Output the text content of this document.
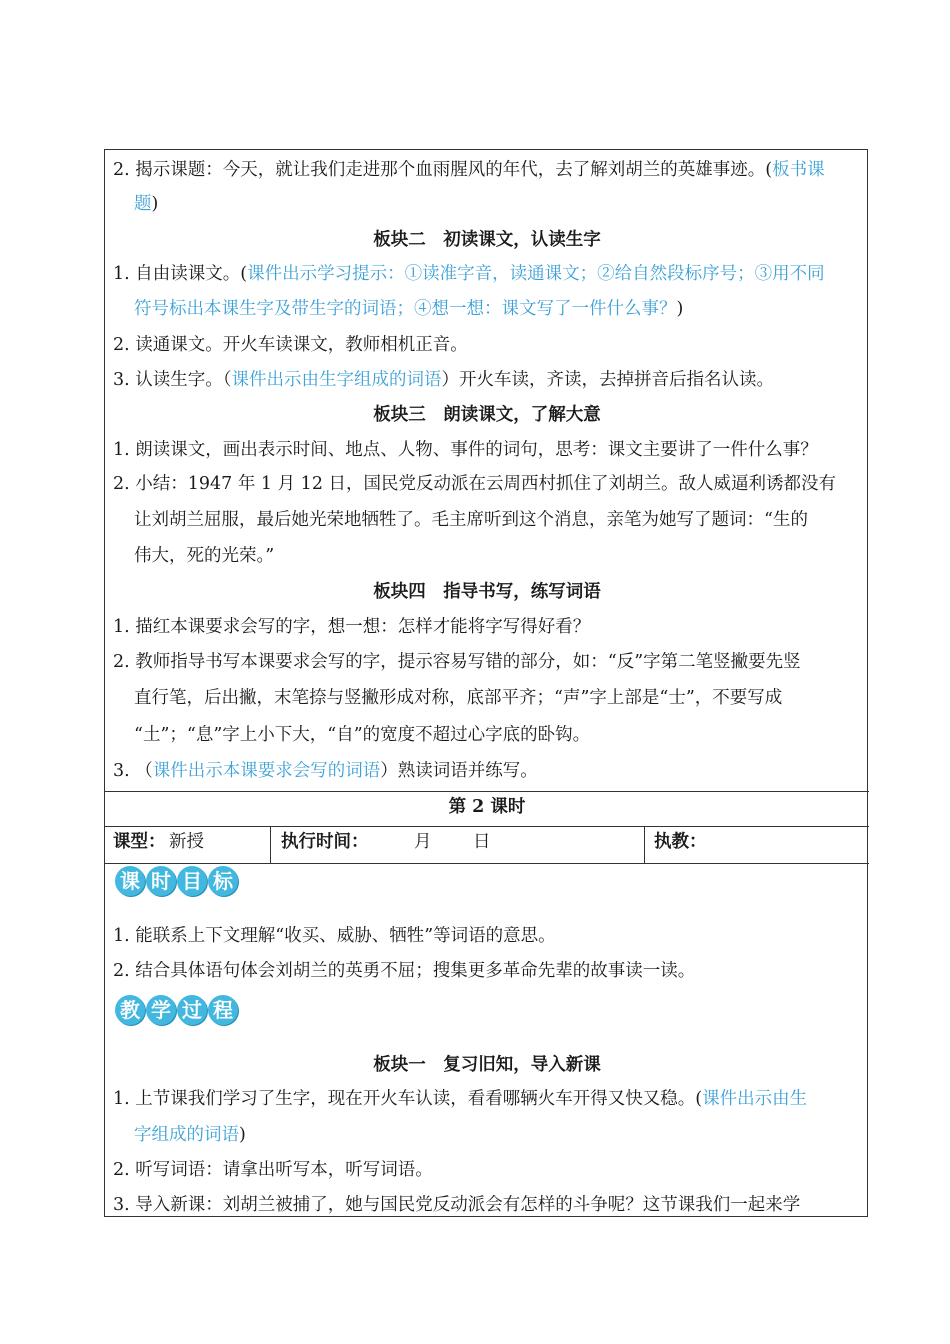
2. 揭示课题：今天，就让我们走进那个血雨腥风的年代，去了解刘胡兰的英雄事迹。(板书课
题)
板块二　初读课文，认读生字
1. 自由读课文。(课件出示学习提示：①读准字音，读通课文；②给自然段标序号；③用不同
符号标出本课生字及带生字的词语；④想一想：课文写了一件什么事？)
2. 读通课文。开火车读课文，教师相机正音。
3. 认读生字。（课件出示由生字组成的词语）开火车读，齐读，去掉拼音后指名认读。
板块三　朗读课文，了解大意
1. 朗读课文，画出表示时间、地点、人物、事件的词句，思考：课文主要讲了一件什么事？
2. 小结：1947 年 1 月 12 日，国民党反动派在云周西村抓住了刘胡兰。敌人威逼利诱都没有
让刘胡兰屈服，最后她光荣地牺牲了。毛主席听到这个消息，亲笔为她写了题词：“生的
伟大，死的光荣。”
板块四　指导书写，练写词语
1. 描红本课要求会写的字，想一想：怎样才能将字写得好看？
2. 教师指导书写本课要求会写的字，提示容易写错的部分，如：“反”字第二笔竖撇要先竖
直行笔，后出撇，末笔捺与竖撇形成对称，底部平齐；“声”字上部是“士”，不要写成
“土”；“息”字上小下大，“自”的宽度不超过心字底的卧钩。
3. （课件出示本课要求会写的词语）熟读词语并练写。
第 2 课时
课型： 新授	执行时间：	月 日	执教：
课 时 目 标
1. 能联系上下文理解“收买、威胁、牺牲”等词语的意思。
2. 结合具体语句体会刘胡兰的英勇不屈；搜集更多革命先辈的故事读一读。
教 学 过 程
板块一　复习旧知，导入新课
1. 上节课我们学习了生字，现在开火车认读，看看哪辆火车开得又快又稳。(课件出示由生
字组成的词语)
2. 听写词语：请拿出听写本，听写词语。
3. 导入新课：刘胡兰被捕了，她与国民党反动派会有怎样的斗争呢？这节课我们一起来学
